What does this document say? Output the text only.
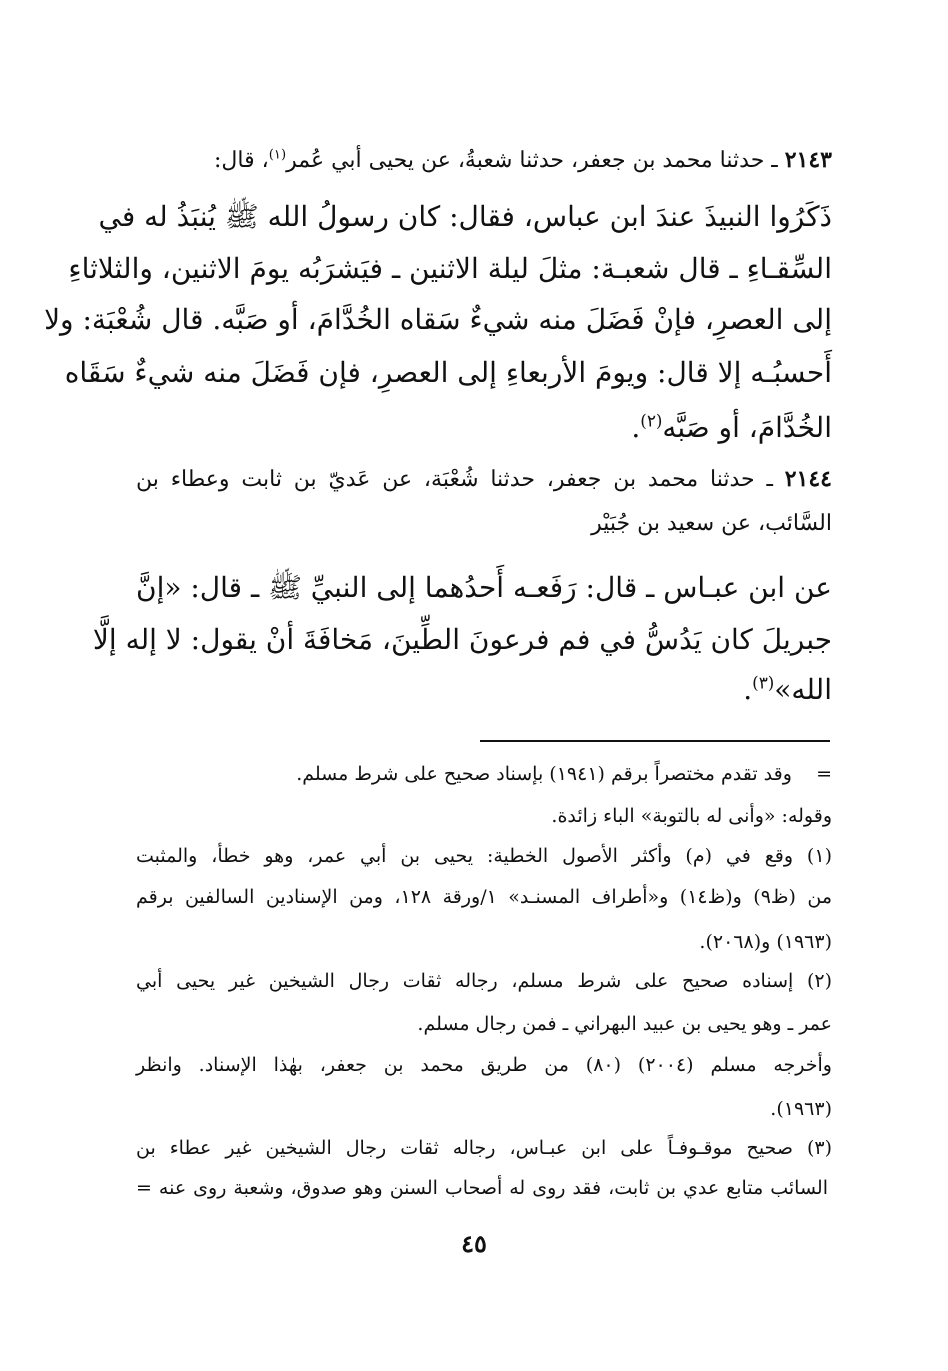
٢١٤٣ ـ حدثنا محمد بن جعفر، حدثنا شعبةُ، عن يحيى أبي عُمر$^{(١)}$، قال:
ذَكَرُوا النبيذَ عندَ ابن عباس، فقال: كان رسولُ الله ﷺ يُنبَذُ له في
السِّقـاءِ ـ قال شعبـة: مثلَ ليلة الاثنين ـ فيَشرَبُه يومَ الاثنين، والثلاثاءِ
إلى العصرِ، فإنْ فَضَلَ منه شيءٌ سَقاه الخُدَّامَ، أو صَبَّه. قال شُعْبَة: ولا
أَحسبُـه إلا قال: ويومَ الأربعاءِ إلى العصرِ، فإن فَضَلَ منه شيءٌ سَقَاه
الخُدَّامَ، أو صَبَّه$^{(٢)}$.
٢١٤٤ ـ حدثنا محمد بن جعفر، حدثنا شُعْبَة، عن عَديّ بن ثابت وعطاء بن
السَّائب، عن سعيد بن جُبَيْر
عن ابن عبـاس ـ قال: رَفَعـه أَحدُهما إلى النبيِّ ﷺ ـ قال: «إنَّ
جبريلَ كان يَدُسُّ في فم فرعونَ الطِّينَ، مَخافَةَ أنْ يقول: لا إله إلَّا
الله»$^{(٣)}$.
=    وقد تقدم مختصراً برقم (١٩٤١) بإسناد صحيح على شرط مسلم.
وقوله: «وأنى له بالتوبة» الباء زائدة.
(١) وقع في (م) وأكثر الأصول الخطية: يحيى بن أبي عمر، وهو خطأ، والمثبت
من (ظ٩) و(ظ١٤) و«أطراف المسنـد» ١/ورقة ١٢٨، ومن الإسنادين السالفين برقم
(١٩٦٣) و(٢٠٦٨).
(٢) إسناده صحيح على شرط مسلم، رجاله ثقات رجال الشيخين غير يحيى أبي
عمر ـ وهو يحيى بن عبيد البهراني ـ فمن رجال مسلم.
وأخرجه مسلم (٢٠٠٤) (٨٠) من طريق محمد بن جعفر، بهٰذا الإسناد. وانظر
(١٩٦٣).
(٣) صحيح موقـوفـاً على ابن عبـاس، رجاله ثقات رجال الشيخين غير عطاء بن
السائب متابع عدي بن ثابت، فقد روى له أصحاب السنن وهو صدوق، وشعبة روى عنه =
٤٥
